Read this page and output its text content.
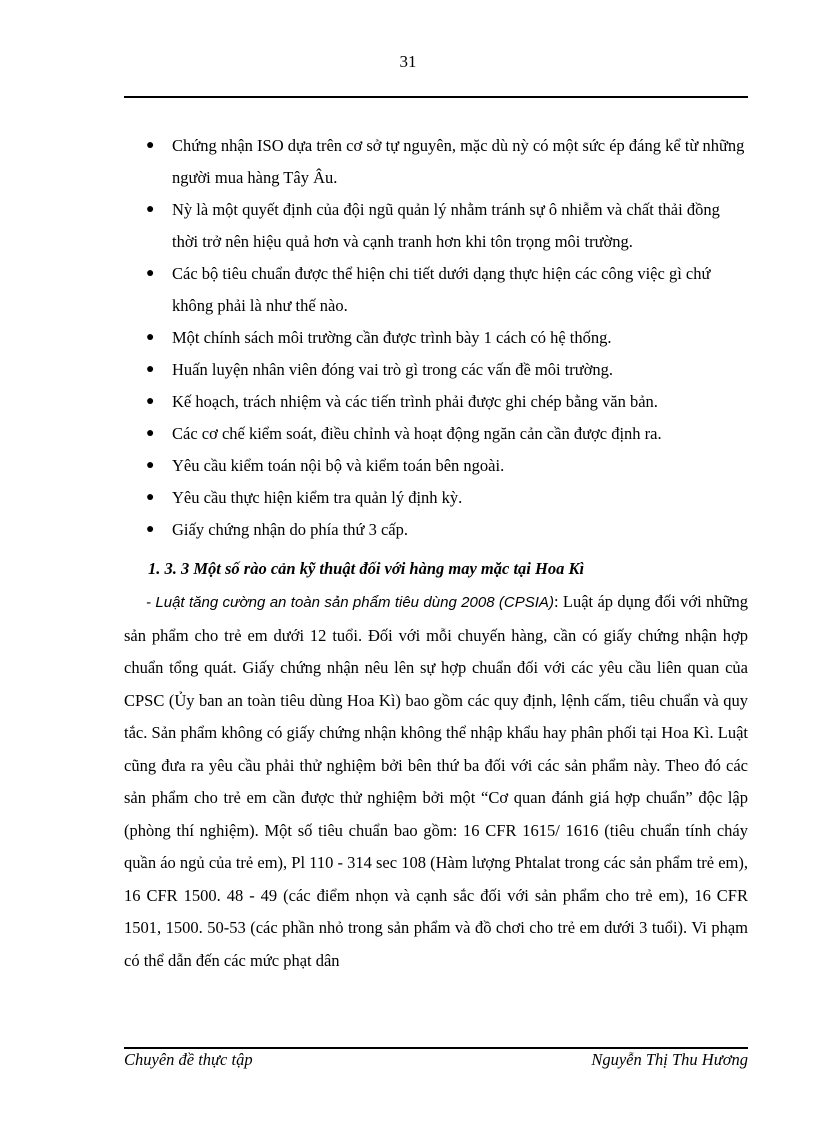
31
● Chứng nhận ISO dựa trên cơ sở tự nguyên, mặc dù nỳ có một sức ép đáng kể từ những người mua hàng Tây Âu.
● Nỳ là một quyết định của đội ngũ quản lý nhằm tránh sự ô nhiễm và chất thải đồng thời trở nên hiệu quả hơn và cạnh tranh hơn khi tôn trọng môi trường.
● Các bộ tiêu chuẩn được thể hiện chi tiết dưới dạng thực hiện các công việc gì chứ không phải là như thế nào.
● Một chính sách môi trường cần được trình bày 1 cách có hệ thống.
● Huấn luyện nhân viên đóng vai trò gì trong các vấn đề môi trường.
● Kế hoạch, trách nhiệm và các tiến trình phải được ghi chép bằng văn bản.
● Các cơ chế kiểm soát, điều chỉnh và hoạt động ngăn cản cần được định ra.
● Yêu cầu kiểm toán nội bộ và kiểm toán bên ngoài.
● Yêu cầu thực hiện kiểm tra quản lý định kỳ.
● Giấy chứng nhận do phía thứ 3 cấp.
1. 3. 3 Một số rào cản kỹ thuật đối với hàng may mặc tại Hoa Kì

- Luật tăng cường an toàn sản phẩm tiêu dùng 2008 (CPSIA): Luật áp dụng đối với những sản phẩm cho trẻ em dưới 12 tuổi. Đối với mỗi chuyến hàng, cần có giấy chứng nhận hợp chuẩn tổng quát. Giấy chứng nhận nêu lên sự hợp chuẩn đối với các yêu cầu liên quan của CPSC (Ủy ban an toàn tiêu dùng Hoa Kì) bao gồm các quy định, lệnh cấm, tiêu chuẩn và quy tắc. Sản phẩm không có giấy chứng nhận không thể nhập khẩu hay phân phối tại Hoa Kì. Luật cũng đưa ra yêu cầu phải thử nghiệm bởi bên thứ ba đối với các sản phẩm này. Theo đó các sản phẩm cho trẻ em cần được thử nghiệm bởi một “Cơ quan đánh giá hợp chuẩn” độc lập (phòng thí nghiệm). Một số tiêu chuẩn bao gồm: 16 CFR 1615/ 1616 (tiêu chuẩn tính cháy quần áo ngủ của trẻ em), Pl 110 - 314 sec 108 (Hàm lượng Phtalat trong các sản phẩm trẻ em), 16 CFR 1500. 48 - 49 (các điểm nhọn và cạnh sắc đối với sản phẩm cho trẻ em), 16 CFR 1501, 1500. 50-53 (các phần nhỏ trong sản phẩm và đồ chơi cho trẻ em dưới 3 tuổi). Vi phạm có thể dẫn đến các mức phạt dân

Chuyên đề thực tập	Nguyễn Thị Thu Hương
